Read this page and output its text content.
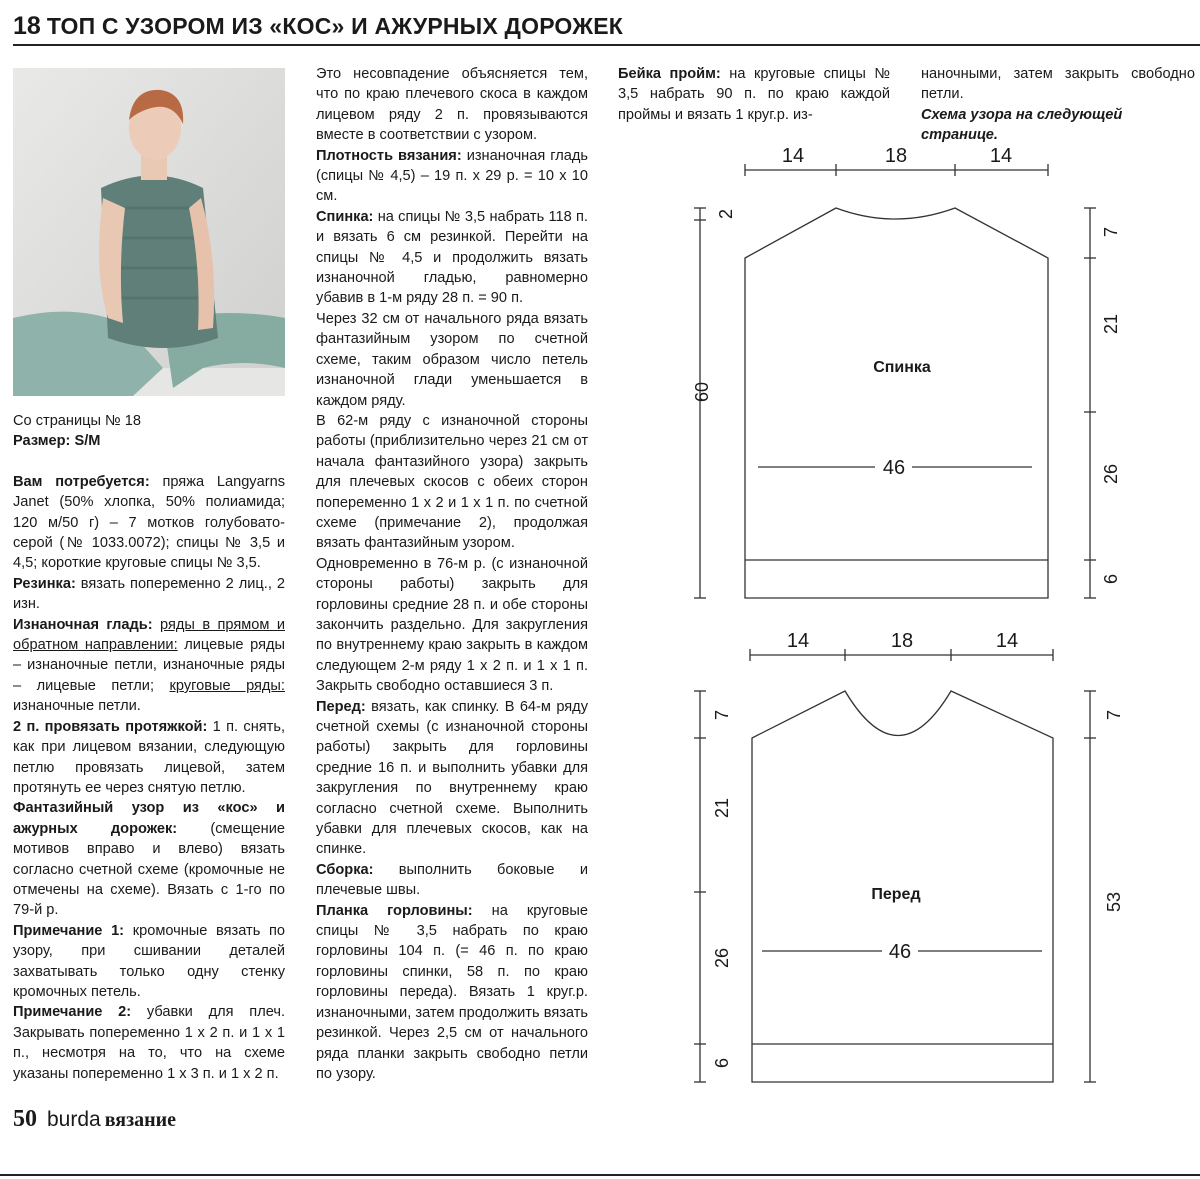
18 ТОП С УЗОРОМ ИЗ «КОС» И АЖУРНЫХ ДОРОЖЕК

Со страницы № 18

Размер: S/M

Вам потребуется: пряжа Langyarns Janet (50% хлопка, 50% полиамида; 120 м/50 г) – 7 мотков голубовато-серой (№ 1033.0072); спицы № 3,5 и 4,5; короткие круговые спицы № 3,5.

Резинка: вязать попеременно 2 лиц., 2 изн.

Изнаночная гладь: ряды в прямом и обратном направлении: лицевые ряды – изнаночные петли, изнаночные ряды – лицевые петли; круговые ряды: изнаночные петли.

2 п. провязать протяжкой: 1 п. снять, как при лицевом вязании, следующую петлю провязать лицевой, затем протянуть ее через снятую петлю.

Фантазийный узор из «кос» и ажурных дорожек: (смещение мотивов вправо и влево) вязать согласно счетной схеме (кромочные не отмечены на схеме). Вязать с 1-го по 79-й р.

Примечание 1: кромочные вязать по узору, при сшивании деталей захватывать только одну стенку кромочных петель.

Примечание 2: убавки для плеч. Закрывать попеременно 1 х 2 п. и 1 х 1 п., несмотря на то, что на схеме указаны попеременно 1 х 3 п. и 1 х 2 п.

Это несовпадение объясняется тем, что по краю плечевого скоса в каждом лицевом ряду 2 п. провязываются вместе в соответствии с узором.

Плотность вязания: изнаночная гладь (спицы № 4,5) – 19 п. х 29 р. = 10 х 10 см.

Спинка: на спицы № 3,5 набрать 118 п. и вязать 6 см резинкой. Перейти на спицы № 4,5 и продолжить вязать изнаночной гладью, равномерно убавив в 1-м ряду 28 п. = 90 п.

Через 32 см от начального ряда вязать фантазийным узором по счетной схеме, таким образом число петель изнаночной глади уменьшается в каждом ряду.

В 62-м ряду с изнаночной стороны работы (приблизительно через 21 см от начала фантазийного узора) закрыть для плечевых скосов с обеих сторон попеременно 1 х 2 и 1 х 1 п. по счетной схеме (примечание 2), продолжая вязать фантазийным узором.

Одновременно в 76-м р. (с изнаночной стороны работы) закрыть для горловины средние 28 п. и обе стороны закончить раздельно. Для закругления по внутреннему краю закрыть в каждом следующем 2-м ряду 1 х 2 п. и 1 х 1 п. Закрыть свободно оставшиеся 3 п.

Перед: вязать, как спинку. В 64-м ряду счетной схемы (с изнаночной стороны работы) закрыть для горловины средние 16 п. и выполнить убавки для закругления по внутреннему краю согласно счетной схеме. Выполнить убавки для плечевых скосов, как на спинке.

Сборка: выполнить боковые и плечевые швы.

Планка горловины: на круговые спицы № 3,5 набрать по краю горловины 104 п. (= 46 п. по краю горловины спинки, 58 п. по краю горловины переда). Вязать 1 круг.р. изнаночными, затем продолжить вязать резинкой. Через 2,5 см от начального ряда планки закрыть свободно петли по узору.

Бейка пройм: на круговые спицы № 3,5 набрать 90 п. по краю каждой проймы и вязать 1 круг.р. из-

наночными, затем закрыть свободно петли.

Схема узора на следующей странице.

14	18	14
Спинка
46
60
2
7
21
26
6
14	18	14
Перед
46
7
21
26
6
7
53
50 burda вязание
